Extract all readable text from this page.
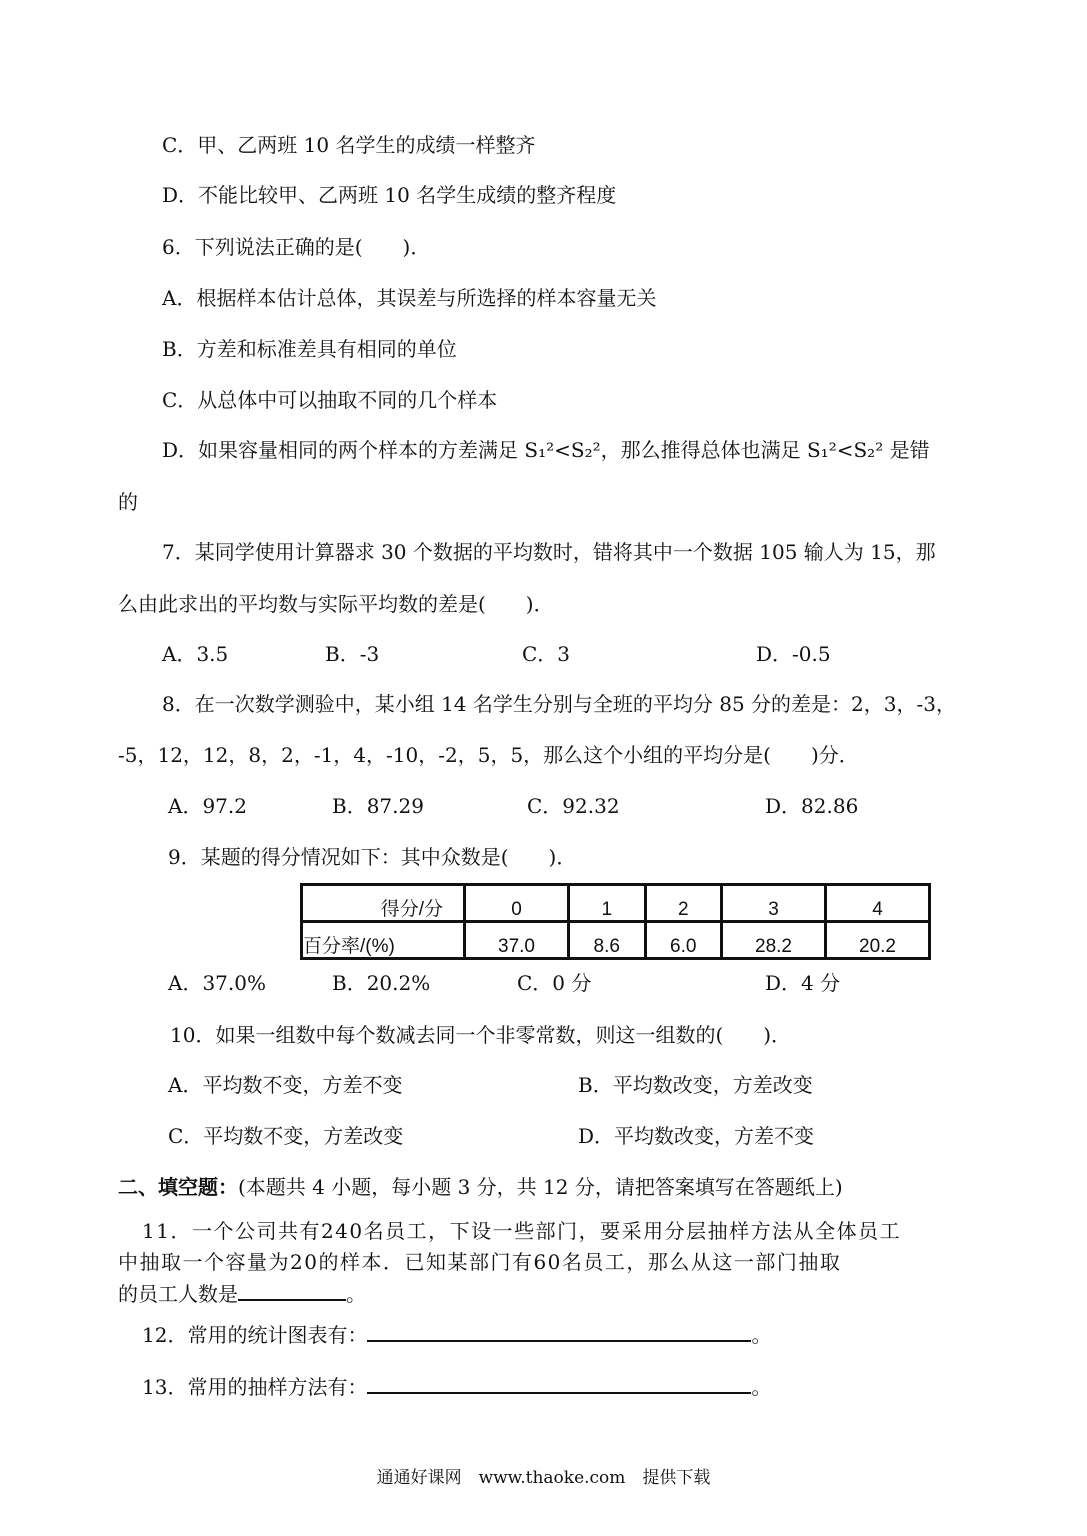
C．甲、乙两班 10 名学生的成绩一样整齐
D．不能比较甲、乙两班 10 名学生成绩的整齐程度
6．下列说法正确的是(　　)．
A．根据样本估计总体，其误差与所选择的样本容量无关
B．方差和标准差具有相同的单位
C．从总体中可以抽取不同的几个样本
D．如果容量相同的两个样本的方差满足 S₁²<S₂²，那么推得总体也满足 S₁²<S₂² 是错
的
7．某同学使用计算器求 30 个数据的平均数时，错将其中一个数据 105 输人为 15，那
么由此求出的平均数与实际平均数的差是(　　)．
A．3.5	B．-3	C．3	D．-0.5
8．在一次数学测验中，某小组 14 名学生分别与全班的平均分 85 分的差是：2，3，-3，
-5，12，12，8，2，-1，4，-10，-2，5，5，那么这个小组的平均分是(　　)分．
A．97.2	B．87.29	C．92.32	D．82.86
9．某题的得分情况如下：其中众数是(　　)．
得分/分	0	1	2	3	4
百分率/(%)	37.0	8.6	6.0	28.2	20.2
A．37.0%	B．20.2%	C．0 分	D．4 分
10．如果一组数中每个数减去同一个非零常数，则这一组数的(　　)．
A．平均数不变，方差不变	B．平均数改变，方差改变
C．平均数不变，方差改变	D．平均数改变，方差不变
二、填空题：(本题共 4 小题，每小题 3 分，共 12 分，请把答案填写在答题纸上)
11．一个公司共有240名员工，下设一些部门，要采用分层抽样方法从全体员工
中抽取一个容量为20的样本．已知某部门有60名员工，那么从这一部门抽取
的员工人数是	。
12．常用的统计图表有：	。
13．常用的抽样方法有：	。
通通好课网　www.thaoke.com　提供下载
